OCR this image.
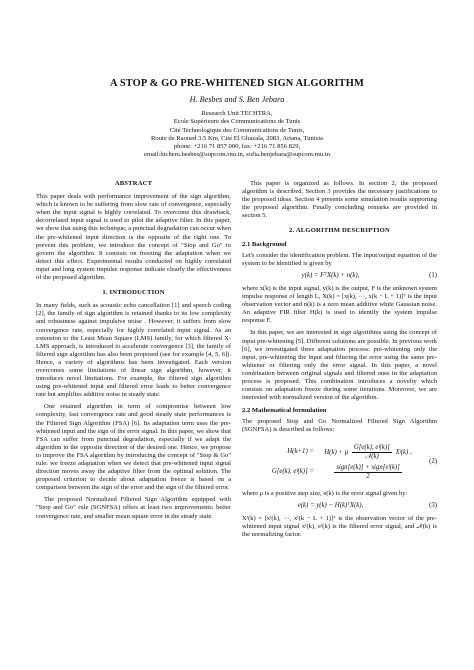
A STOP & GO PRE-WHITENED SIGN ALGORITHM
H. Besbes and S. Ben Jebara
Research Unit TECHTRA,
Ecole Supérieure des Communications de Tunis
Cité Technologique des Communications de Tunis,
Route de Raoued 3.5 Km, Cité El Ghazala, 2083, Ariana, Tunisia
phone: +216 71 857 000, fax: +216 71 856 829,
email:hichem.besbes@supcom.rnu.tn, sofia.benjebara@supcom.rnu.tn
ABSTRACT

This paper deals with performance improvement of the sign algorithm, which is known to be suffering from slow rate of convergence, especially when the input signal is highly correlated. To overcome this drawback, decorrelated input signal is used to pilot the adaptive filter. In this paper, we show that using this technique, a punctual degradation can occur when the pre-whitened input direction is the opposite of the right one. To prevent this problem, we introduce the concept of "Stop and Go" to govern the algorithm. It consists on freezing the adaptation when we detect this effect. Experimental results conducted on highly correlated input and long system impulse response indicate clearly the effectiveness of the proposed algorithm.

1. INTRODUCTION

In many fields, such as acoustic echo cancellation [1] and speech coding [2], the family of sign algorithm is retained thanks to its low complexity and robustness against impulsive noise . However, it suffers from slow convergence rate, especially for highly correlated input signal. As an extension to the Least Mean Square (LMS) family, for which filtered X-LMS approach, is introduced to accelerate convergence [3], the family of filtered sign algorithm has also been proposed (see for example [4, 5, 6]). Hence, a variety of algorithms has been investigated. Each version overcomes some limitations of linear sign algorithm, however, it introduces novel limitations. For example, the filtered sign algorithm using pre-whitened input and filtered error leads to better convergence rate but amplifies additive noise in steady state.

One retained algorithm in term of compromise between low complexity, fast convergence rate and good steady state performances is the Filtered Sign Algorithm (FSA) [6]. Its adaptation term uses the pre-whitened input and the sign of the error signal. In this paper, we show that FSA can suffer from punctual degradation, especially if we adapt the algorithm in the opposite direction of the desired one. Hence, we propose to improve the FSA algorithm by introducing the concept of "Stop & Go" rule: we freeze adaptation when we detect that pre-whitened input signal direction moves away the adaptive filter from the optimal solution. The proposed criterion to decide about adaptation freeze is based on a comparison between the sign of the error and the sign of the filtered error.

The proposed Normalized Filtered Sign Algorithm equipped with "Stop and Go" rule (SGNFSA) offers at least two improvements: better convergence rate, and smaller mean square error in the steady state.

This paper is organized as follows. In section 2, the proposed algorithm is described. Section 3 provides the necessary justifications to the proposed ideas. Section 4 presents some simulation results supporting the proposed algorithm. Finally concluding remarks are provided in section 5.

2. ALGORITHM DESCRIPTION
2.1 Background

Let's consider the identification problem. The input/output equation of the system to be identified is given by

y(k) = FᵀX(k) + n(k),	(1)

where x(k) is the input signal, y(k) is the output, F is the unknown system impulse response of length L, X(k) = [x(k), ···, x(k − L + 1)]ᵀ is the input observation vector and n(k) is a zero mean additive white Gaussian noise. An adaptive FIR filter H(k) is used to identify the system impulse response F.

In this paper, we are interested in sign algorithms using the concept of input pre-whitening [5]. Different solutions are possible. In previous work [6], we investigated three adaptation process: pre-whitening only the input, pre-whitening the input and filtering the error using the same pre-whitener or filtering only the error signal. In this paper, a novel combination between original signals and filtered ones in the adaptation process is proposed. This combination introduces a novelty which consists on adaptation freeze during some iterations. Moreover, we are interested with normalized version of the algorithm.

2.2 Mathematical formulation

The proposed Stop and Go Normalized Filtered Sign Algorithm (SGNFSA) is described as follows:

H(k+1) =	H(k) + μ $\frac{\text{G[e(k), eᶠ(k)]}}{\text{𝒩(k)}}$ Xᶠ(k) ,
G[e(k), eᶠ(k)] =	$\frac{\text{sign[e(k)] + sign[eᶠ(k)]}}{2}$
(2)

where μ is a positive step size, e(k) is the error signal given by:

e(k) = y(k) − H(k)ᵀX(k),	(3)

Xᶠ(k) = [xᶠ(k), ···, xᶠ(k − L + 1)]ᵀ is the observation vector of the pre-whitened input signal xᶠ(k), eᶠ(k) is the filtered error signal, and 𝒩(k) is the normalizing factor.
